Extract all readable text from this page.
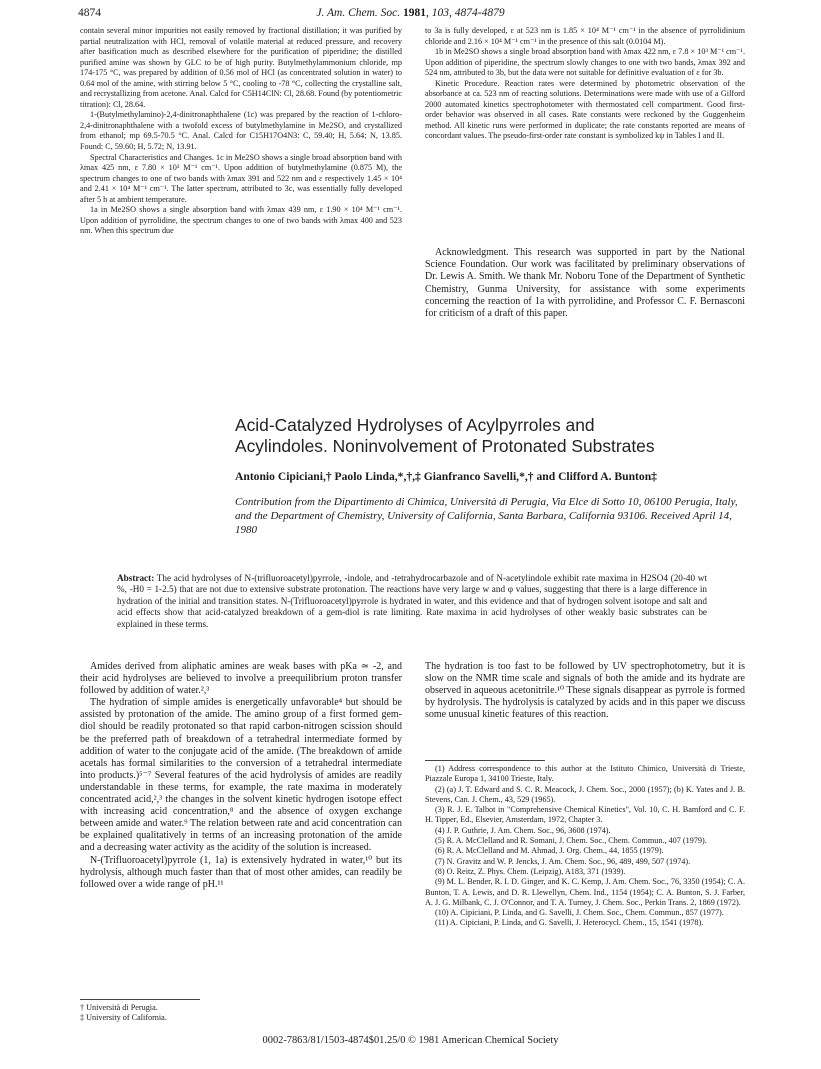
4874	J. Am. Chem. Soc. 1981, 103, 4874-4879

contain several minor impurities not easily removed by fractional distillation; it was purified by partial neutralization with HCl, removal of volatile material at reduced pressure, and recovery after basification much as described elsewhere for the purification of piperidine; the distilled purified amine was shown by GLC to be of high purity. Butylmethylammonium chloride, mp 174-175 °C, was prepared by addition of 0.56 mol of HCl (as concentrated solution in water) to 0.64 mol of the amine, with stirring below 5 °C, cooling to -78 °C, collecting the crystalline salt, and recrystallizing from acetone. Anal. Calcd for C5H14ClN: Cl, 28.68. Found (by potentiometric titration): Cl, 28.64.

1-(Butylmethylamino)-2,4-dinitronaphthalene (1c) was prepared by the reaction of 1-chloro-2,4-dinitronaphthalene with a twofold excess of butylmethylamine in Me2SO, and crystallized from ethanol; mp 69.5-70.5 °C. Anal. Calcd for C15H17O4N3: C, 59.40; H, 5.64; N, 13.85. Found: C, 59.60; H, 5.72; N, 13.91.

Spectral Characteristics and Changes. 1c in Me2SO shows a single broad absorption band with λmax 425 nm, ε 7.80 × 10³ M⁻¹ cm⁻¹. Upon addition of butylmethylamine (0.875 M), the spectrum changes to one of two bands with λmax 391 and 522 nm and ε respectively 1.45 × 10⁴ and 2.41 × 10⁴ M⁻¹ cm⁻¹. The latter spectrum, attributed to 3c, was essentially fully developed after 5 h at ambient temperature.

1a in Me2SO shows a single absorption band with λmax 439 nm, ε 1.90 × 10⁴ M⁻¹ cm⁻¹. Upon addition of pyrrolidine, the spectrum changes to one of two bands with λmax 400 and 523 nm. When this spectrum due

to 3a is fully developed, ε at 523 nm is 1.85 × 10⁴ M⁻¹ cm⁻¹ in the absence of pyrrolidinium chloride and 2.16 × 10⁴ M⁻¹ cm⁻¹ in the presence of this salt (0.0104 M).

1b in Me2SO shows a single broad absorption band with λmax 422 nm, ε 7.8 × 10³ M⁻¹ cm⁻¹. Upon addition of piperidine, the spectrum slowly changes to one with two bands, λmax 392 and 524 nm, attributed to 3b, but the data were not suitable for definitive evaluation of ε for 3b.

Kinetic Procedure. Reaction rates were determined by photometric observation of the absorbance at ca. 523 nm of reacting solutions. Determinations were made with use of a Gilford 2000 automated kinetics spectrophotometer with thermostated cell compartment. Good first-order behavior was observed in all cases. Rate constants were reckoned by the Guggenheim method. All kinetic runs were performed in duplicate; the rate constants reported are means of concordant values. The pseudo-first-order rate constant is symbolized kψ in Tables I and II.

Acknowledgment. This research was supported in part by the National Science Foundation. Our work was facilitated by preliminary observations of Dr. Lewis A. Smith. We thank Mr. Noboru Tone of the Department of Synthetic Chemistry, Gunma University, for assistance with some experiments concerning the reaction of 1a with pyrrolidine, and Professor C. F. Bernasconi for criticism of a draft of this paper.

Acid-Catalyzed Hydrolyses of Acylpyrroles and
Acylindoles. Noninvolvement of Protonated Substrates
Antonio Cipiciani,† Paolo Linda,*,†,‡ Gianfranco Savelli,*,† and Clifford A. Bunton‡
Contribution from the Dipartimento di Chimica, Università di Perugia, Via Elce di Sotto 10, 06100 Perugia, Italy, and the Department of Chemistry, University of California, Santa Barbara, California 93106. Received April 14, 1980
Abstract: The acid hydrolyses of N-(trifluoroacetyl)pyrrole, -indole, and -tetrahydrocarbazole and of N-acetylindole exhibit rate maxima in H2SO4 (20-40 wt %, -H0 = 1-2.5) that are not due to extensive substrate protonation. The reactions have very large w and φ values, suggesting that there is a large difference in hydration of the initial and transition states. N-(Trifluoroacetyl)pyrrole is hydrated in water, and this evidence and that of hydrogen solvent isotope and salt and acid effects show that acid-catalyzed breakdown of a gem-diol is rate limiting. Rate maxima in acid hydrolyses of other weakly basic substrates can be explained in these terms.

Amides derived from aliphatic amines are weak bases with pKa ≃ -2, and their acid hydrolyses are believed to involve a preequilibrium proton transfer followed by addition of water.²,³

The hydration of simple amides is energetically unfavorable⁴ but should be assisted by protonation of the amide. The amino group of a first formed gem-diol should be readily protonated so that rapid carbon-nitrogen scission should be the preferred path of breakdown of a tetrahedral intermediate formed by addition of water to the conjugate acid of the amide. (The breakdown of amide acetals has formal similarities to the conversion of a tetrahedral intermediate into products.)⁵⁻⁷ Several features of the acid hydrolysis of amides are readily understandable in these terms, for example, the rate maxima in moderately concentrated acid,²,³ the changes in the solvent kinetic hydrogen isotope effect with increasing acid concentration,⁸ and the absence of oxygen exchange between amide and water.⁹ The relation between rate and acid concentration can be explained qualitatively in terms of an increasing protonation of the amide and a decreasing water activity as the acidity of the solution is increased.

N-(Trifluoroacetyl)pyrrole (1, 1a) is extensively hydrated in water,¹⁰ but its hydrolysis, although much faster than that of most other amides, can readily be followed over a wide range of pH.¹¹

The hydration is too fast to be followed by UV spectrophotometry, but it is slow on the NMR time scale and signals of both the amide and its hydrate are observed in aqueous acetonitrile.¹⁰ These signals disappear as pyrrole is formed by hydrolysis. The hydrolysis is catalyzed by acids and in this paper we discuss some unusual kinetic features of this reaction.

† Università di Perugia.
‡ University of California.

(1) Address correspondence to this author at the Istituto Chimico, Università di Trieste, Piazzale Europa 1, 34100 Trieste, Italy.

(2) (a) J. T. Edward and S. C. R. Meacock, J. Chem. Soc., 2000 (1957); (b) K. Yates and J. B. Stevens, Can. J. Chem., 43, 529 (1965).

(3) R. J. E. Talbot in "Comprehensive Chemical Kinetics", Vol. 10, C. H. Bamford and C. F. H. Tipper, Ed., Elsevier, Amsterdam, 1972, Chapter 3.

(4) J. P. Guthrie, J. Am. Chem. Soc., 96, 3608 (1974).

(5) R. A. McClelland and R. Somani, J. Chem. Soc., Chem. Commun., 407 (1979).

(6) R. A. McClelland and M. Ahmad, J. Org. Chem., 44, 1855 (1979).

(7) N. Gravitz and W. P. Jencks, J. Am. Chem. Soc., 96, 489, 499, 507 (1974).

(8) O. Reitz, Z. Phys. Chem. (Leipzig), A183, 371 (1939).

(9) M. L. Bender, R. I. D. Ginger, and K. C. Kemp, J. Am. Chem. Soc., 76, 3350 (1954); C. A. Bunton, T. A. Lewis, and D. R. Llewellyn, Chem. Ind., 1154 (1954); C. A. Bunton, S. J. Farber, A. J. G. Milbank, C. J. O'Connor, and T. A. Turney, J. Chem. Soc., Perkin Trans. 2, 1869 (1972).

(10) A. Cipiciani, P. Linda, and G. Savelli, J. Chem. Soc., Chem. Commun., 857 (1977).

(11) A. Cipiciani, P. Linda, and G. Savelli, J. Heterocycl. Chem., 15, 1541 (1978).

0002-7863/81/1503-4874$01.25/0 © 1981 American Chemical Society
